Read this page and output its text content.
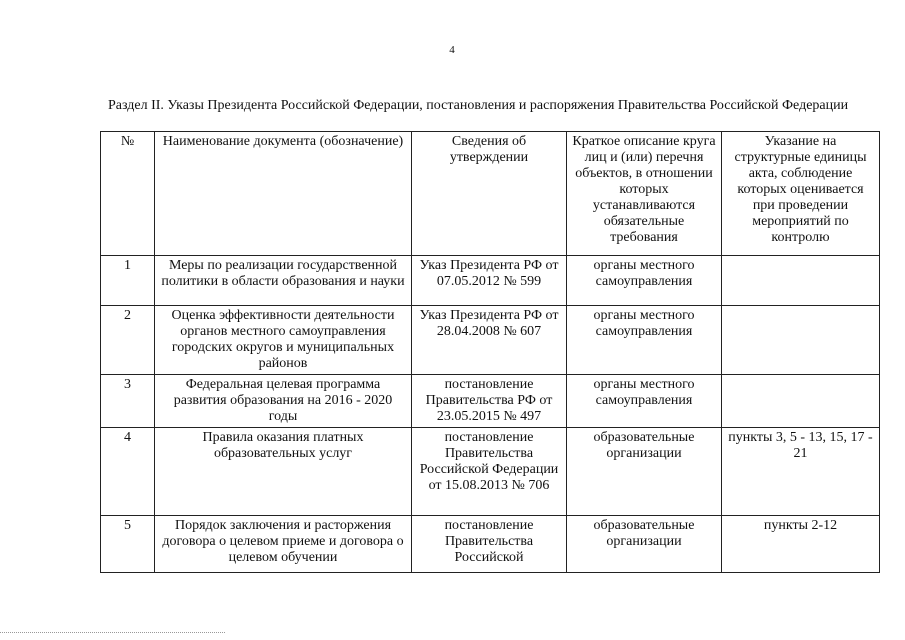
4
Раздел II. Указы Президента Российской Федерации, постановления и распоряжения Правительства Российской Федерации
№	Наименование документа (обозначение)	Сведения об утверждении	Краткое описание круга лиц и (или) перечня объектов, в отношении которых устанавливаются обязательные требования	Указание на структурные единицы акта, соблюдение которых оценивается при проведении мероприятий по контролю
1	Меры по реализации государственной политики в области образования и науки	Указ Президента РФ от 07.05.2012 № 599	органы местного самоуправления	
2	Оценка эффективности деятельности органов местного самоуправления городских округов и муниципальных районов	Указ Президента РФ от 28.04.2008 № 607	органы местного самоуправления	
3	Федеральная целевая программа развития образования на 2016 - 2020 годы	постановление Правительства РФ от 23.05.2015 № 497	органы местного самоуправления	
4	Правила оказания платных образовательных услуг	постановление Правительства Российской Федерации от 15.08.2013 № 706	образовательные организации	пункты 3, 5 - 13, 15, 17 - 21
5	Порядок заключения и расторжения договора о целевом приеме и договора о целевом обучении	постановление Правительства Российской	образовательные организации	пункты 2-12
